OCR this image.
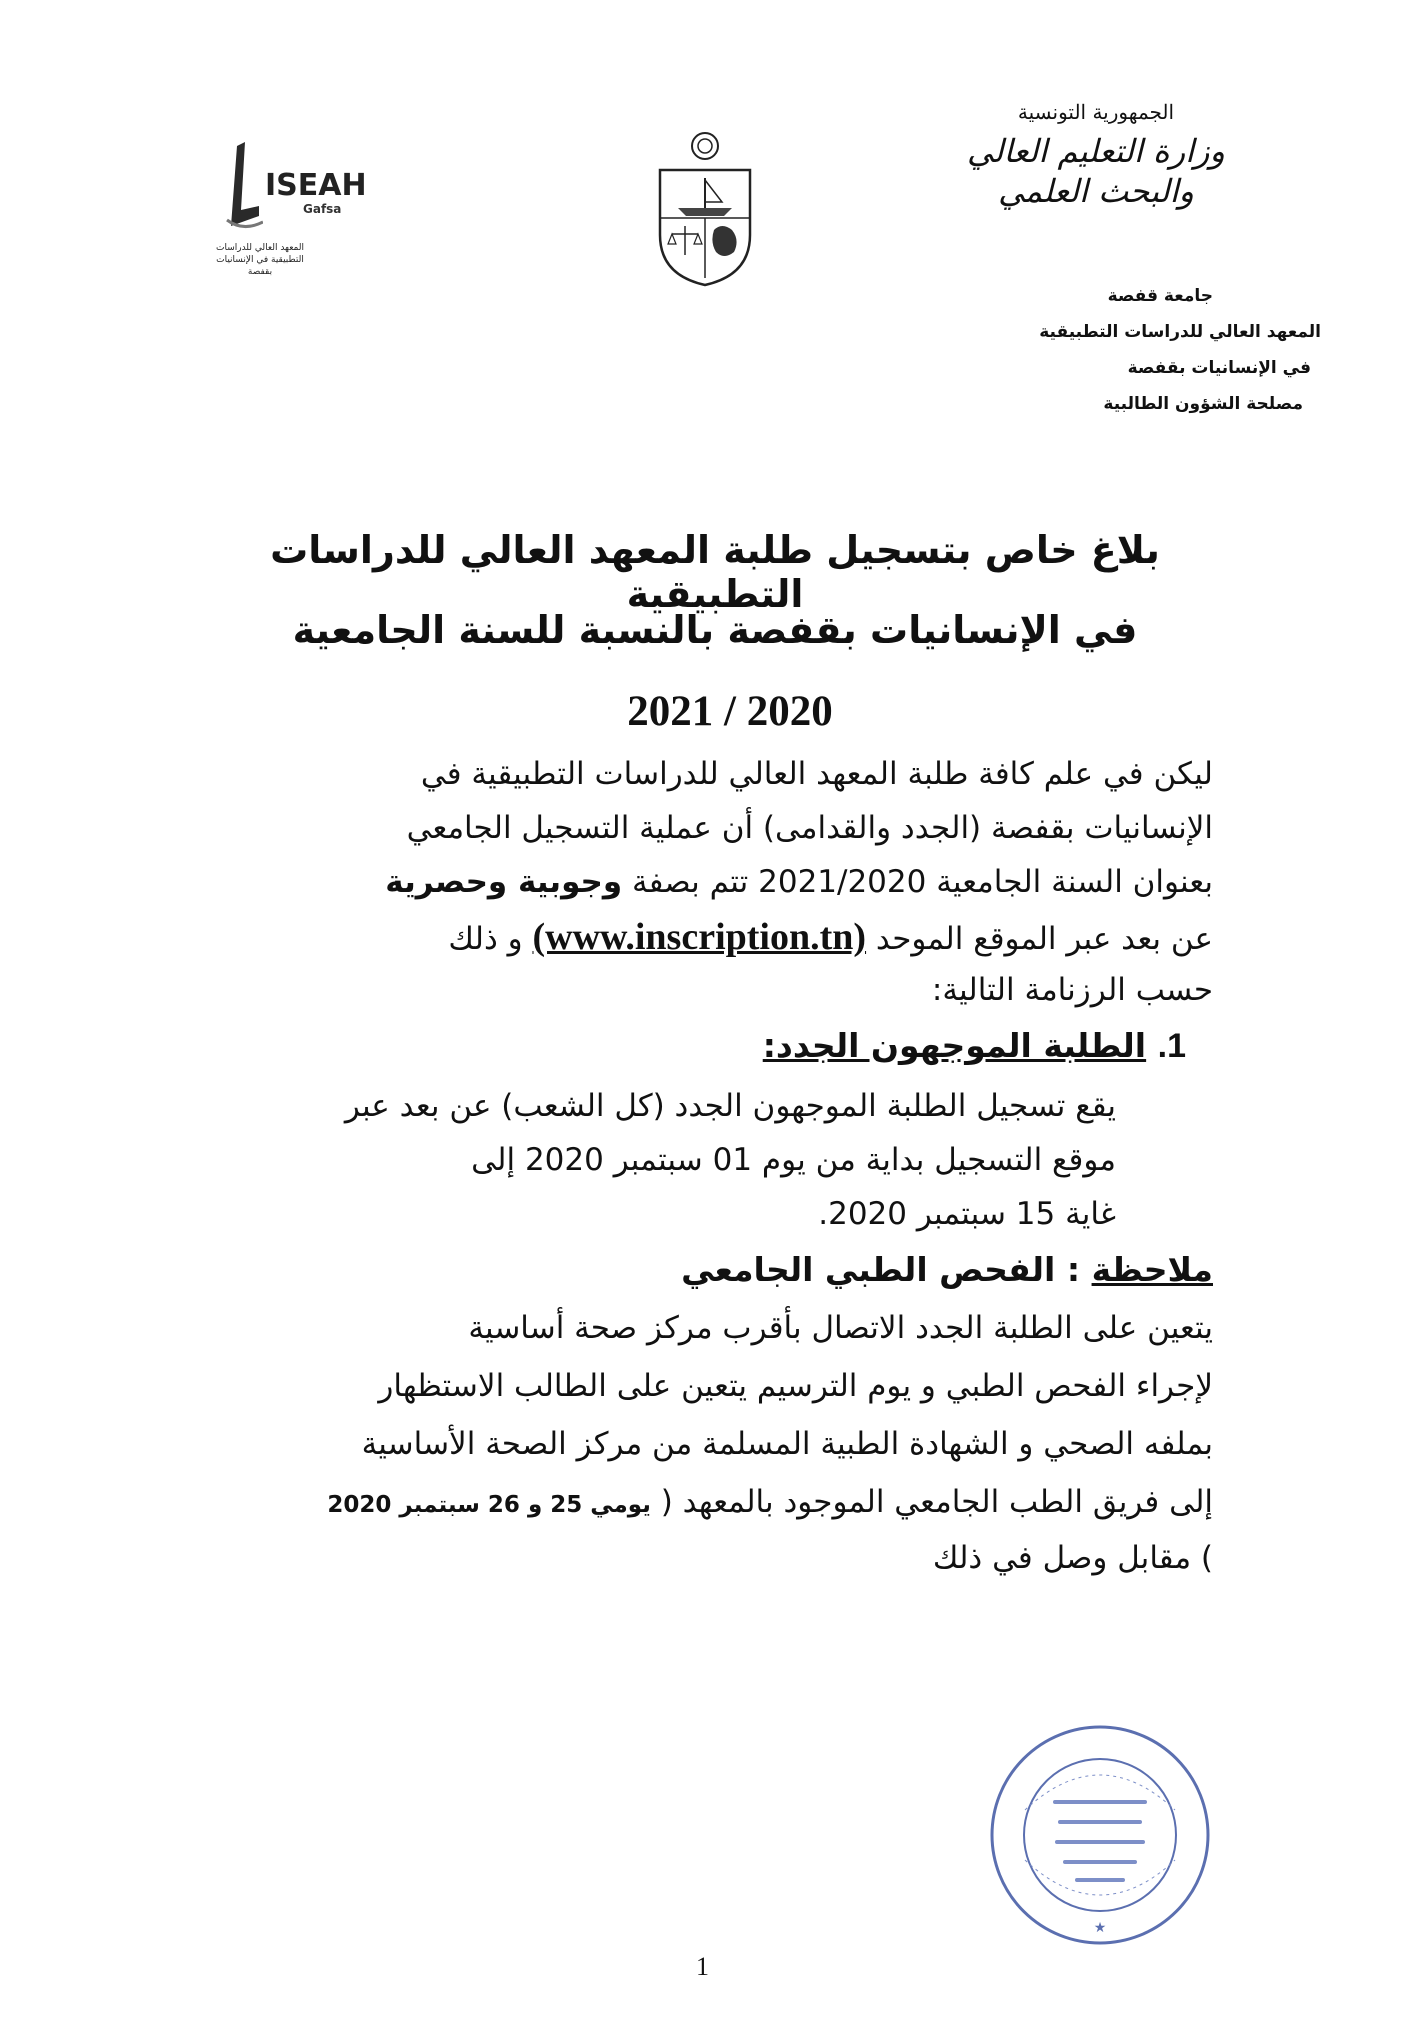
الجمهورية التونسية
وزارة التعليم العالي
والبحث العلمي
ISEAH
Gafsa
المعهد العالي للدراسات التطبيقية في الإنسانيات بقفصة
جامعة قفصة
المعهد العالي للدراسات التطبيقية
في الإنسانيات بقفصة
مصلحة الشؤون الطالبية
بلاغ خاص بتسجيل طلبة المعهد العالي للدراسات التطبيقية
في الإنسانيات بقفصة بالنسبة للسنة الجامعية
2021 / 2020
ليكن في علم كافة طلبة المعهد العالي للدراسات التطبيقية في
الإنسانيات بقفصة (الجدد والقدامى) أن عملية التسجيل الجامعي
بعنوان السنة الجامعية 2021/2020 تتم بصفة وجوبية وحصرية
عن بعد عبر الموقع الموحد (www.inscription.tn) و ذلك
حسب الرزنامة التالية:
1. الطلبة الموجهون الجدد:
يقع تسجيل الطلبة الموجهون الجدد (كل الشعب) عن بعد عبر
موقع التسجيل بداية من يوم 01 سبتمبر 2020 إلى
غاية 15 سبتمبر 2020.
ملاحظة : الفحص الطبي الجامعي
يتعين على الطلبة الجدد الاتصال بأقرب مركز صحة أساسية
لإجراء الفحص الطبي و يوم الترسيم يتعين على الطالب الاستظهار
بملفه الصحي و الشهادة الطبية المسلمة من مركز الصحة الأساسية
إلى فريق الطب الجامعي الموجود بالمعهد ( يومي 25 و 26 سبتمبر 2020
) مقابل وصل في ذلك
★
1
